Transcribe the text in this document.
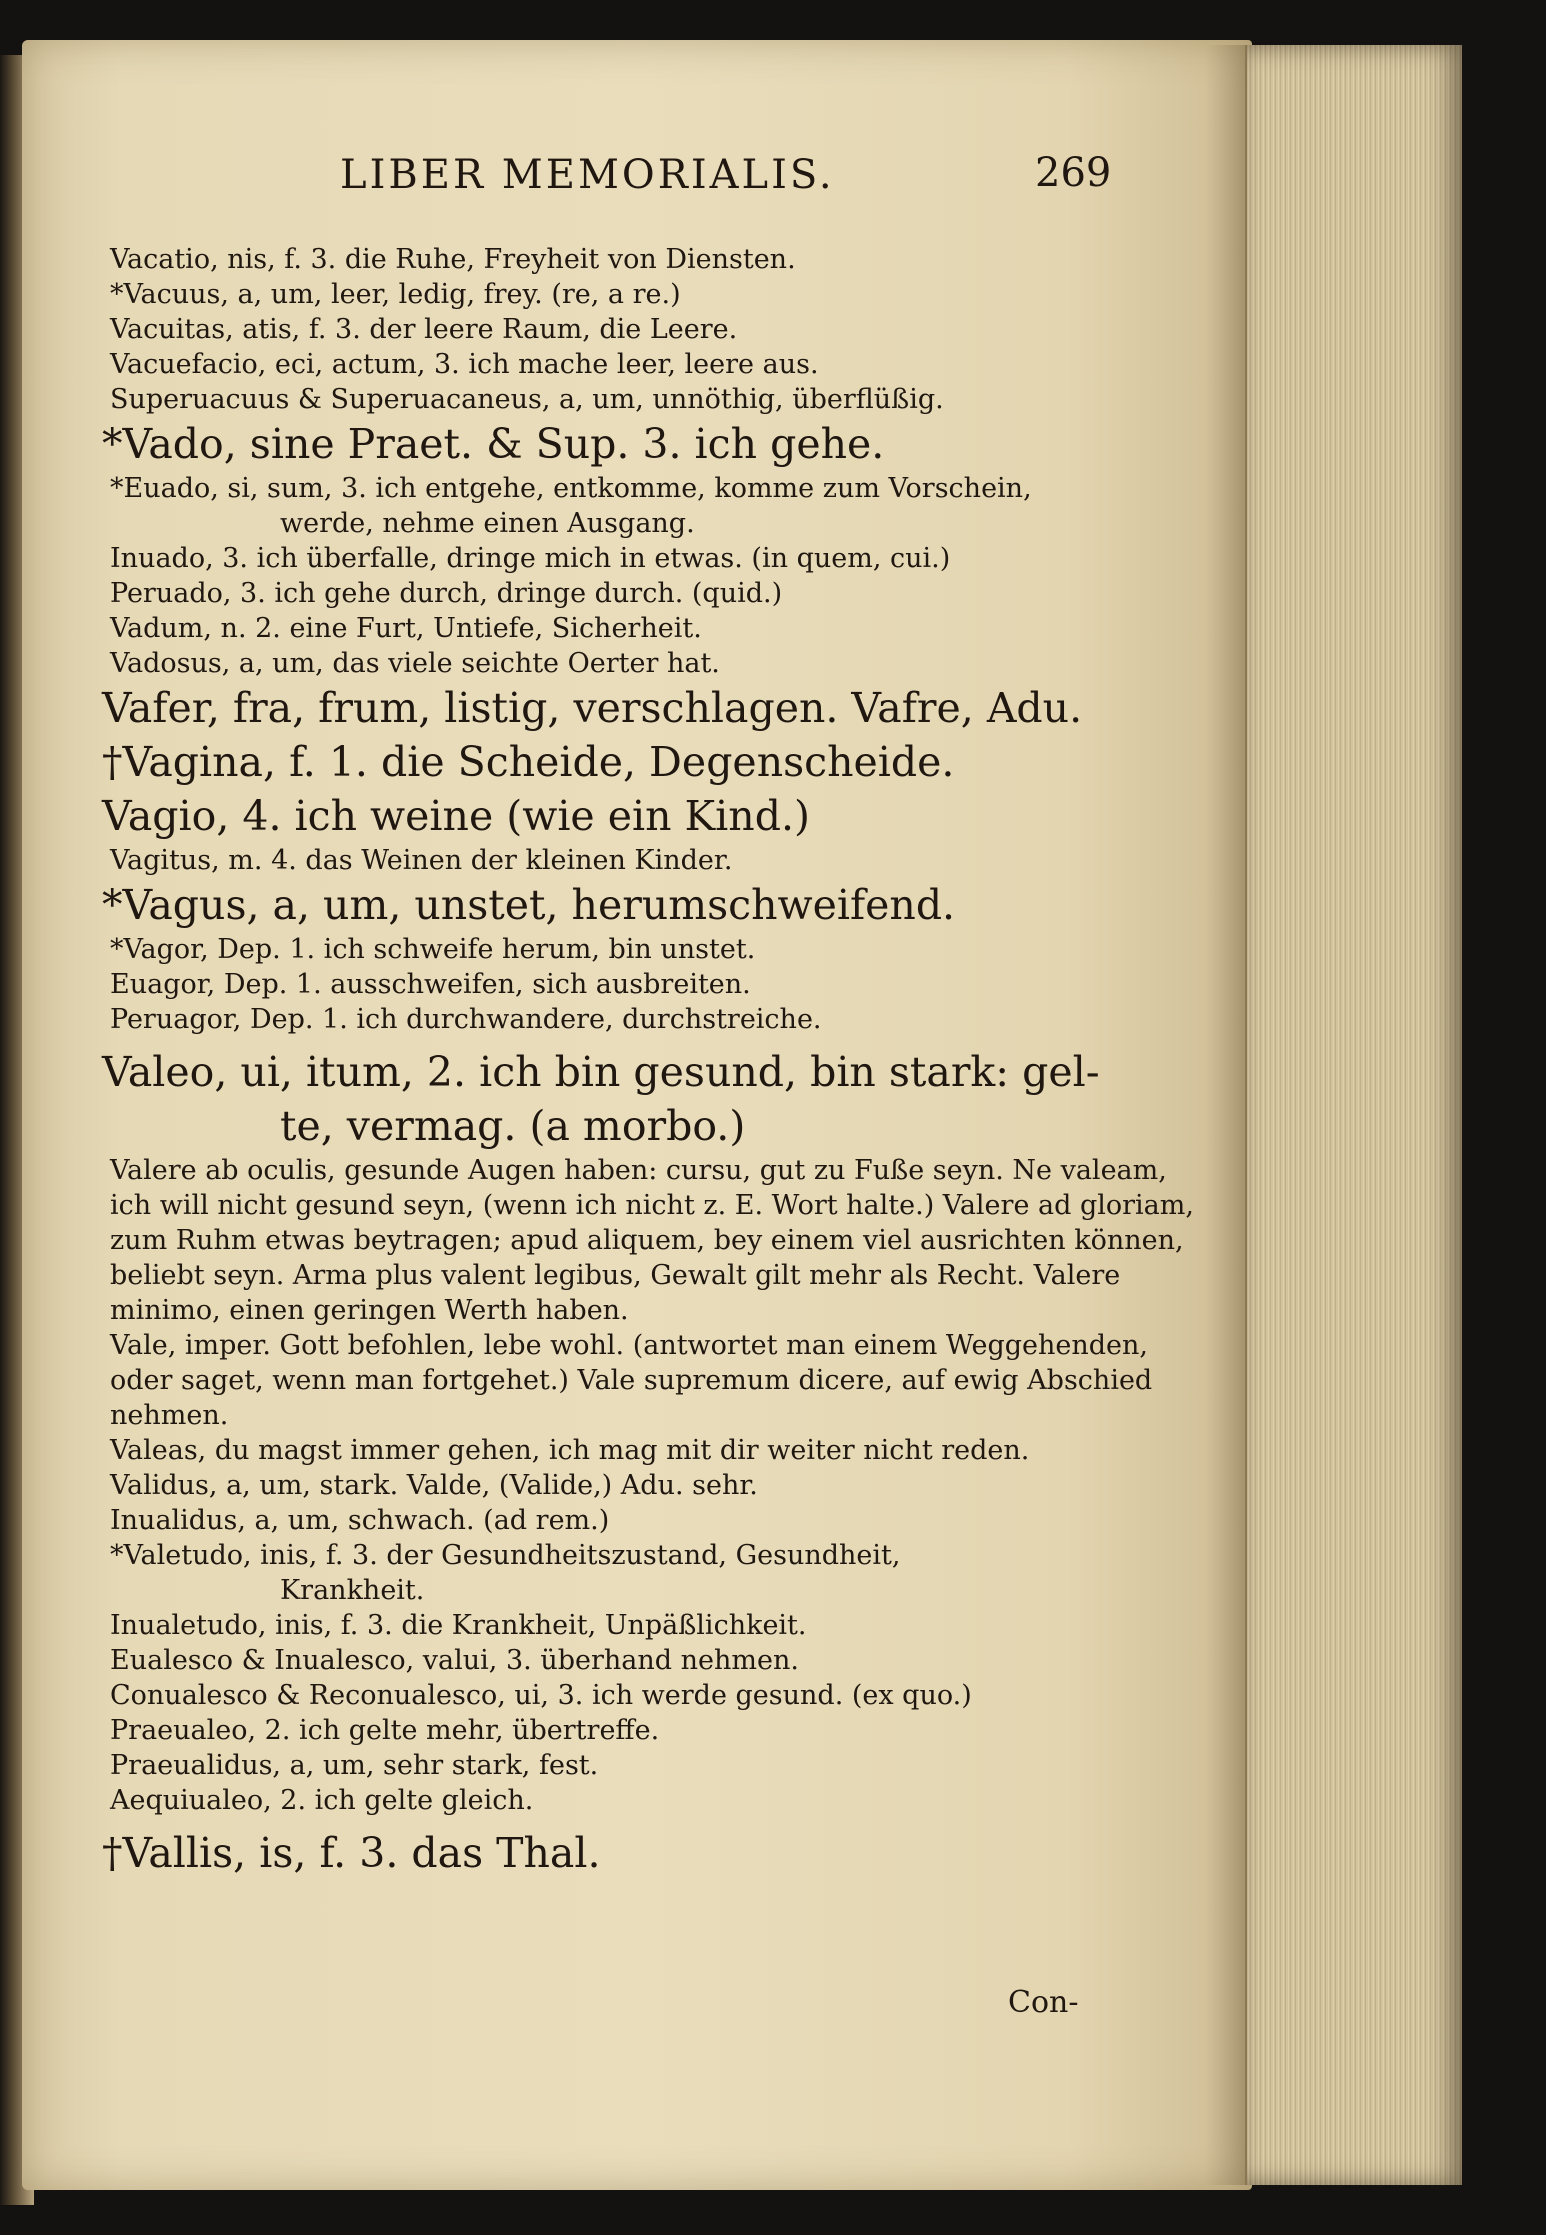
LIBER MEMORIALIS.	269

Vacatio, nis, f. 3. die Ruhe, Freyheit von Diensten.

*Vacuus, a, um, leer, ledig, frey. (re, a re.)

Vacuitas, atis, f. 3. der leere Raum, die Leere.

Vacuefacio, eci, actum, 3. ich mache leer, leere aus.

Superuacuus & Superuacaneus, a, um, unnöthig, überflüßig.

*Vado, sine Praet. & Sup. 3. ich gehe.

*Euado, si, sum, 3. ich entgehe, entkomme, komme zum Vorschein,

werde, nehme einen Ausgang.

Inuado, 3. ich überfalle, dringe mich in etwas. (in quem, cui.)

Peruado, 3. ich gehe durch, dringe durch. (quid.)

Vadum, n. 2. eine Furt, Untiefe, Sicherheit.

Vadosus, a, um, das viele seichte Oerter hat.

Vafer, fra, frum, listig, verschlagen. Vafre, Adu.

†Vagina, f. 1. die Scheide, Degenscheide.

Vagio, 4. ich weine (wie ein Kind.)

Vagitus, m. 4. das Weinen der kleinen Kinder.

*Vagus, a, um, unstet, herumschweifend.

*Vagor, Dep. 1. ich schweife herum, bin unstet.

Euagor, Dep. 1. ausschweifen, sich ausbreiten.

Peruagor, Dep. 1. ich durchwandere, durchstreiche.

Valeo, ui, itum, 2. ich bin gesund, bin stark: gel-

te, vermag. (a morbo.)

Valere ab oculis, gesunde Augen haben: cursu, gut zu Fuße seyn. Ne valeam, ich will nicht gesund seyn, (wenn ich nicht z. E. Wort halte.) Valere ad gloriam, zum Ruhm etwas beytragen; apud aliquem, bey einem viel ausrichten können, beliebt seyn. Arma plus valent legibus, Gewalt gilt mehr als Recht. Valere minimo, einen geringen Werth haben.

Vale, imper. Gott befohlen, lebe wohl. (antwortet man einem Weggehenden, oder saget, wenn man fortgehet.) Vale supremum dicere, auf ewig Abschied nehmen.

Valeas, du magst immer gehen, ich mag mit dir weiter nicht reden.

Validus, a, um, stark. Valde, (Valide,) Adu. sehr.

Inualidus, a, um, schwach. (ad rem.)

*Valetudo, inis, f. 3. der Gesundheitszustand, Gesundheit,

Krankheit.

Inualetudo, inis, f. 3. die Krankheit, Unpäßlichkeit.

Eualesco & Inualesco, valui, 3. überhand nehmen.

Conualesco & Reconualesco, ui, 3. ich werde gesund. (ex quo.)

Praeualeo, 2. ich gelte mehr, übertreffe.

Praeualidus, a, um, sehr stark, fest.

Aequiualeo, 2. ich gelte gleich.

†Vallis, is, f. 3. das Thal.

Con-
